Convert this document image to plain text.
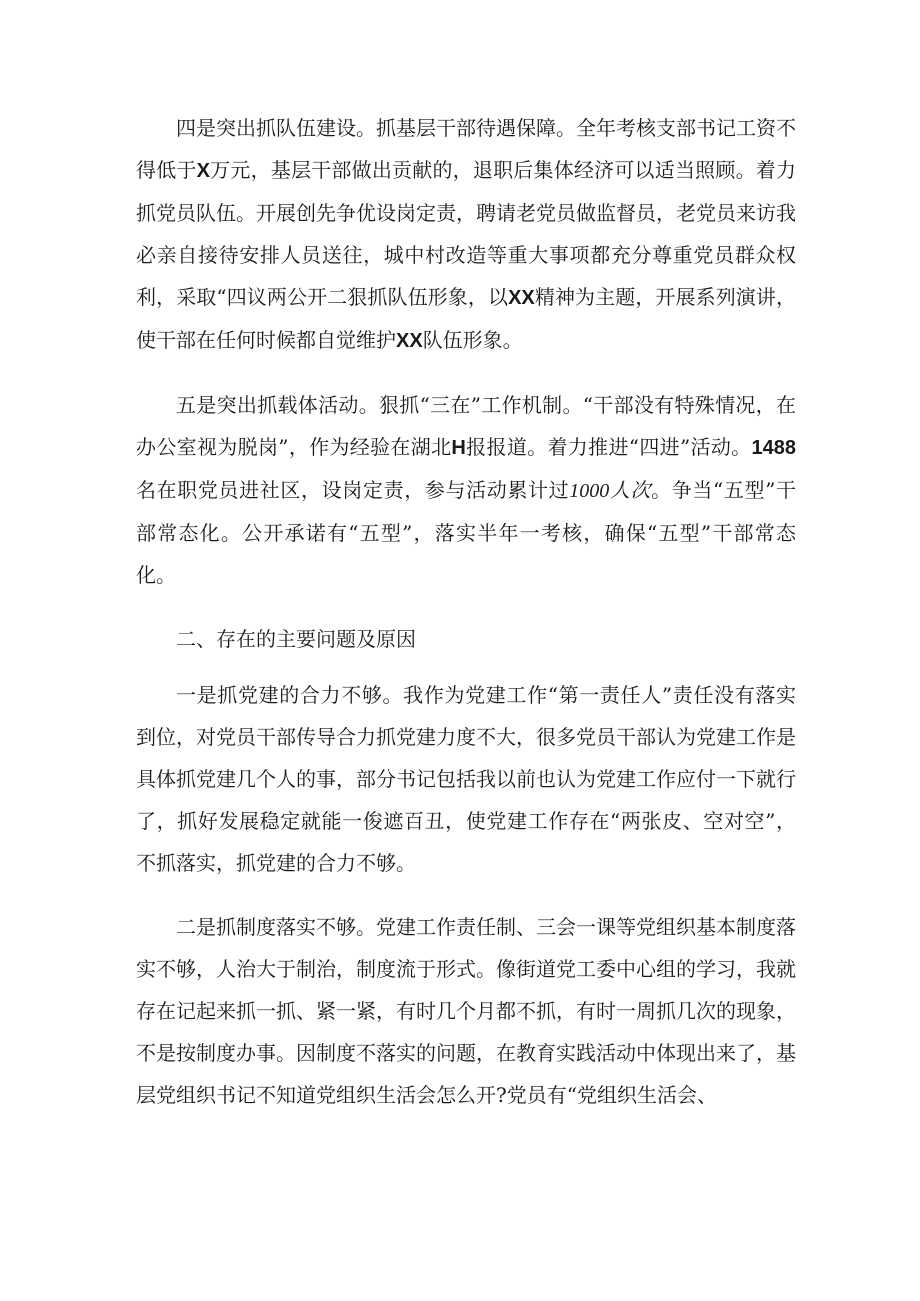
四是突出抓队伍建设。抓基层干部待遇保障。全年考核支部书记工资不得低于X万元，基层干部做出贡献的，退职后集体经济可以适当照顾。着力抓党员队伍。开展创先争优设岗定责，聘请老党员做监督员，老党员来访我必亲自接待安排人员送往，城中村改造等重大事项都充分尊重党员群众权利，采取“四议两公开二狠抓队伍形象，以XX精神为主题，开展系列演讲，使干部在任何时候都自觉维护XX队伍形象。

五是突出抓载体活动。狠抓“三在”工作机制。“干部没有特殊情况，在办公室视为脱岗”，作为经验在湖北H报报道。着力推进“四进”活动。1488名在职党员进社区，设岗定责，参与活动累计过1000人次。争当“五型”干部常态化。公开承诺有“五型”，落实半年一考核，确保“五型”干部常态化。

二、存在的主要问题及原因

一是抓党建的合力不够。我作为党建工作“第一责任人”责任没有落实到位，对党员干部传导合力抓党建力度不大，很多党员干部认为党建工作是具体抓党建几个人的事，部分书记包括我以前也认为党建工作应付一下就行了，抓好发展稳定就能一俊遮百丑，使党建工作存在“两张皮、空对空”，不抓落实，抓党建的合力不够。

二是抓制度落实不够。党建工作责任制、三会一课等党组织基本制度落实不够，人治大于制治，制度流于形式。像街道党工委中心组的学习，我就存在记起来抓一抓、紧一紧，有时几个月都不抓，有时一周抓几次的现象，不是按制度办事。因制度不落实的问题，在教育实践活动中体现出来了，基层党组织书记不知道党组织生活会怎么开?党员有“党组织生活会、
